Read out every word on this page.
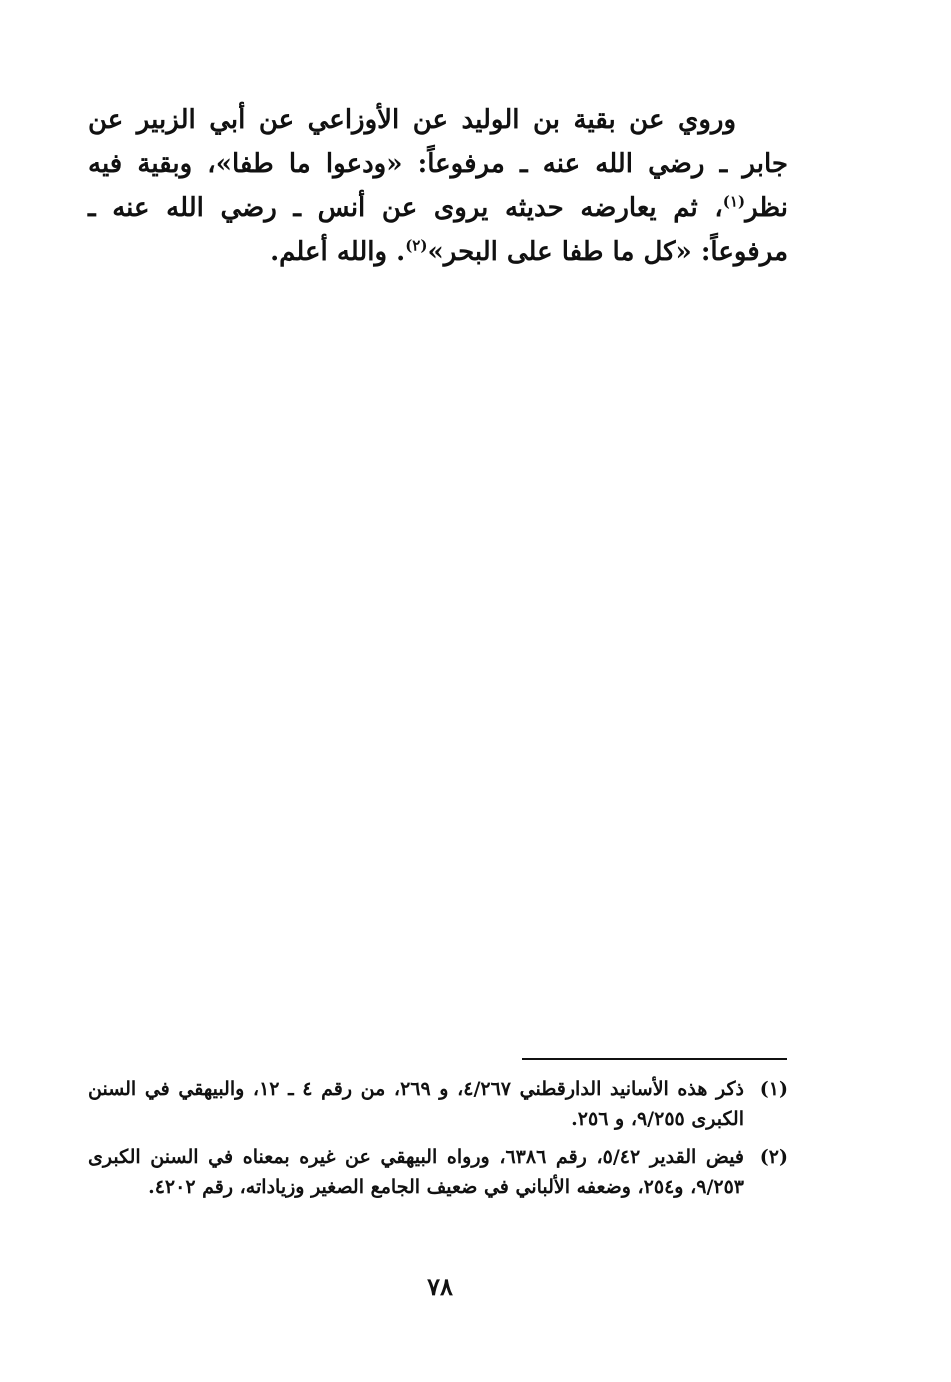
وروي عن بقية بن الوليد عن الأوزاعي عن أبي الزبير عن جابر ـ رضي الله عنه ـ مرفوعاً: «ودعوا ما طفا»، وبقية فيه نظر$^{(١)}$، ثم يعارضه حديثه يروى عن أنس ـ رضي الله عنه ـ مرفوعاً: «كل ما طفا على البحر»$^{(٢)}$. والله أعلم.

(١)
ذكر هذه الأسانيد الدارقطني ٤/٢٦٧، و ٢٦٩، من رقم ٤ ـ ١٢، والبيهقي في السنن الكبرى ٩/٢٥٥، و ٢٥٦.
(٢)
فيض القدير ٥/٤٢، رقم ٦٣٨٦، ورواه البيهقي عن غيره بمعناه في السنن الكبرى ٩/٢٥٣، و٢٥٤، وضعفه الألباني في ضعيف الجامع الصغير وزياداته، رقم ٤٢٠٢.
٧٨
